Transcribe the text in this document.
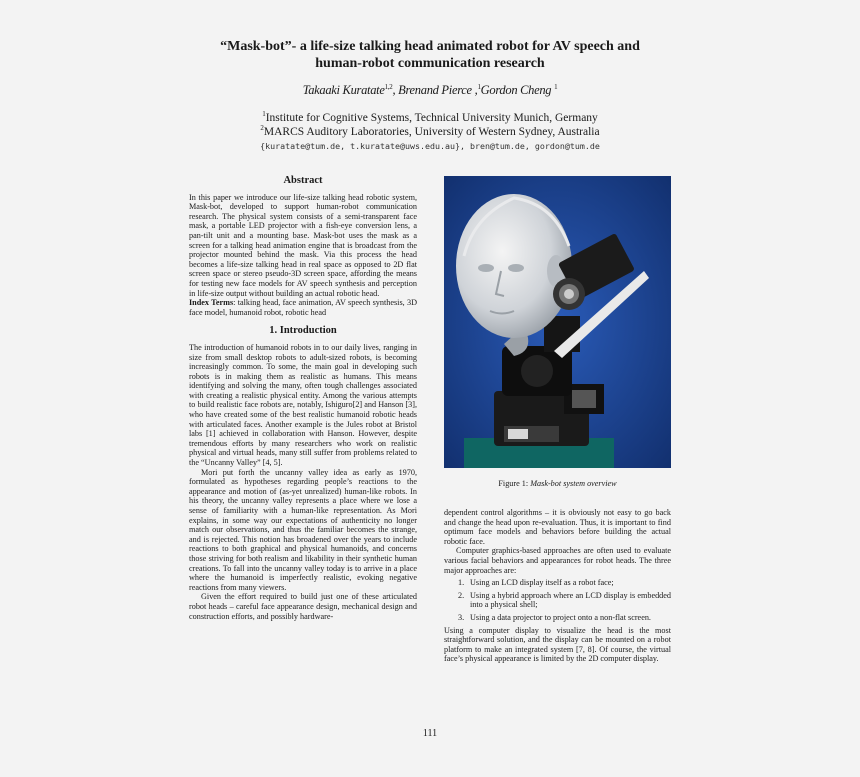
“Mask-bot”- a life-size talking head animated robot for AV speech and
human-robot communication research
Takaaki Kuratate$^{1,2}$, Brenand Pierce ,$^1$Gordon Cheng $^1$
$^1$Institute for Cognitive Systems, Technical University Munich, Germany
$^2$MARCS Auditory Laboratories, University of Western Sydney, Australia
{kuratate@tum.de, t.kuratate@uws.edu.au}, bren@tum.de, gordon@tum.de

Abstract

In this paper we introduce our life-size talking head robotic system, Mask-bot, developed to support human-robot communication research. The physical system consists of a semi-transparent face mask, a portable LED projector with a fish-eye conversion lens, a pan-tilt unit and a mounting base. Mask-bot uses the mask as a screen for a talking head animation engine that is broadcast from the projector mounted behind the mask. Via this process the head becomes a life-size talking head in real space as opposed to 2D flat screen space or stereo pseudo-3D screen space, affording the means for testing new face models for AV speech synthesis and perception in life-size output without building an actual robotic head.

Index Terms: talking head, face animation, AV speech synthesis, 3D face model, humanoid robot, robotic head

1. Introduction

The introduction of humanoid robots in to our daily lives, ranging in size from small desktop robots to adult-sized robots, is becoming increasingly common. To some, the main goal in developing such robots is in making them as realistic as humans. This means identifying and solving the many, often tough challenges associated with creating a realistic physical entity. Among the various attempts to build realistic face robots are, notably, Ishiguro[2] and Hanson [3], who have created some of the best realistic humanoid robotic heads with articulated faces. Another example is the Jules robot at Bristol labs [1] achieved in collaboration with Hanson. However, despite tremendous efforts by many researchers who work on realistic physical and virtual heads, many still suffer from problems related to the “Uncanny Valley” [4, 5].

Mori put forth the uncanny valley idea as early as 1970, formulated as hypotheses regarding people’s reactions to the appearance and motion of (as-yet unrealized) human-like robots. In his theory, the uncanny valley represents a place where we lose a sense of familiarity with a human-like representation. As Mori explains, in some way our expectations of authenticity no longer match our observations, and thus the familiar becomes the strange, and is rejected. This notion has broadened over the years to include reactions to both graphical and physical humanoids, and concerns those striving for both realism and likability in their synthetic human creations. To fall into the uncanny valley today is to arrive in a place where the humanoid is imperfectly realistic, evoking negative reactions from many viewers.

Given the effort required to build just one of these articulated robot heads – careful face appearance design, mechanical design and construction efforts, and possibly hardware-

Figure 1: Mask-bot system overview

dependent control algorithms – it is obviously not easy to go back and change the head upon re-evaluation. Thus, it is important to find optimum face models and behaviors before building the actual robotic face.

Computer graphics-based approaches are often used to evaluate various facial behaviors and appearances for robot heads. The three major approaches are:

1. Using an LCD display itself as a robot face;
2. Using a hybrid approach where an LCD display is embedded into a physical shell;
3. Using a data projector to project onto a non-flat screen.

Using a computer display to visualize the head is the most straightforward solution, and the display can be mounted on a robot platform to make an integrated system [7, 8]. Of course, the virtual face’s physical appearance is limited by the 2D computer display.

111
